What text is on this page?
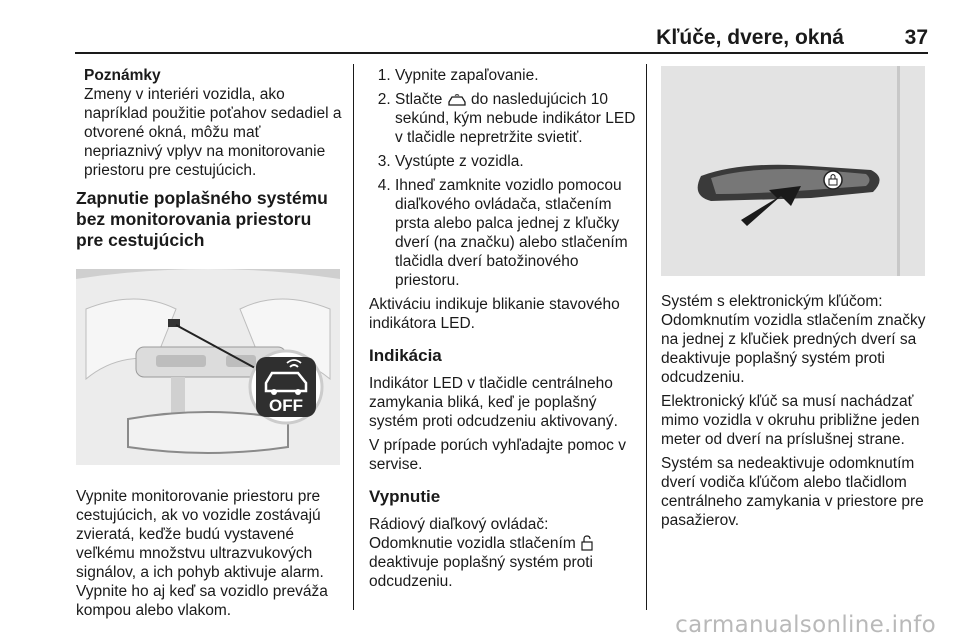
Kľúče, dvere, okná	37
Poznámky
Zmeny v interiéri vozidla, ako napríklad použitie poťahov sedadiel a otvorené okná, môžu mať nepriaznivý vplyv na monitorovanie priestoru pre cestujúcich.
Zapnutie poplašného systému bez monitorovania priestoru pre cestujúcich
OFF

Vypnite monitorovanie priestoru pre cestujúcich, ak vo vozidle zostávajú zvieratá, keďže budú vystavené veľkému množstvu ultrazvukových signálov, a ich pohyb aktivuje alarm. Vypnite ho aj keď sa vozidlo preváža kompou alebo vlakom.

1. Vypnite zapaľovanie.
2. Stlačte do nasledujúcich 10 sekúnd, kým nebude indikátor LED v tlačidle nepretržite svietiť.
3. Vystúpte z vozidla.
4. Ihneď zamknite vozidlo pomocou diaľkového ovládača, stlačením prsta alebo palca jednej z kľučky dverí (na značku) alebo stlačením tlačidla dverí batožinového priestoru.

Aktiváciu indikuje blikanie stavového indikátora LED.

Indikácia

Indikátor LED v tlačidle centrálneho zamykania bliká, keď je poplašný systém proti odcudzeniu aktivovaný.

V prípade porúch vyhľadajte pomoc v servise.

Vypnutie

Rádiový diaľkový ovládač:

Odomknutie vozidla stlačením  deaktivuje poplašný systém proti odcudzeniu.

Systém s elektronickým kľúčom: Odomknutím vozidla stlačením značky na jednej z kľučiek predných dverí sa deaktivuje poplašný systém proti odcudzeniu.

Elektronický kľúč sa musí nachádzať mimo vozidla v okruhu približne jeden meter od dverí na príslušnej strane.

Systém sa nedeaktivuje odomknutím dverí vodiča kľúčom alebo tlačidlom centrálneho zamykania v priestore pre pasažierov.

carmanualsonline.info
